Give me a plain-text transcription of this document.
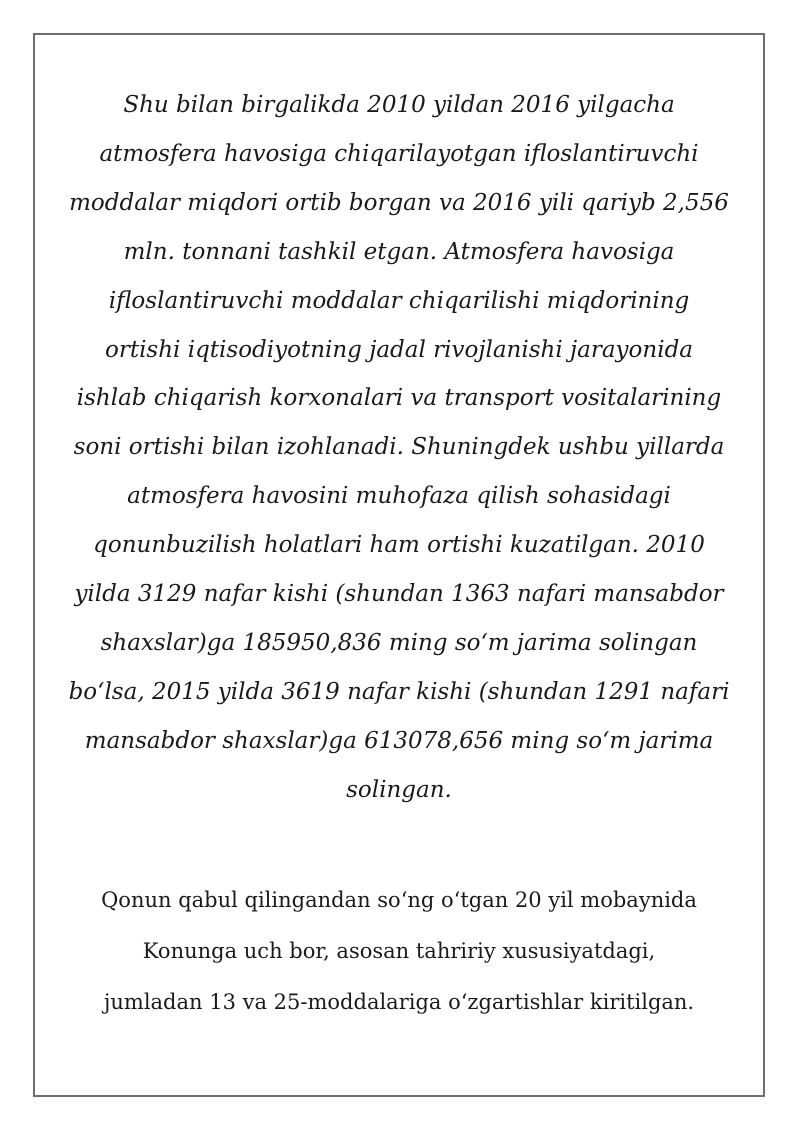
Shu bilan birgalikda 2010 yildan 2016 yilgacha
atmosfera havosiga chiqarilayotgan ifloslantiruvchi
moddalar miqdori ortib borgan va 2016 yili qariyb 2,556
mln. tonnani tashkil etgan. Atmosfera havosiga
ifloslantiruvchi moddalar chiqarilishi miqdorining
ortishi iqtisodiyotning jadal rivojlanishi jarayonida
ishlab chiqarish korxonalari va transport vositalarining
soni ortishi bilan izohlanadi. Shuningdek ushbu yillarda
atmosfera havosini muhofaza qilish sohasidagi
qonunbuzilish holatlari ham ortishi kuzatilgan. 2010
yilda 3129 nafar kishi (shundan 1363 nafari mansabdor
shaxslar)ga 185950,836 ming so‘m jarima solingan
bo‘lsa, 2015 yilda 3619 nafar kishi (shundan 1291 nafari
mansabdor shaxslar)ga 613078,656 ming so‘m jarima
solingan.

Qonun qabul qilingandan so‘ng o‘tgan 20 yil mobaynida
Konunga uch bor, asosan tahririy xususiyatdagi,
jumladan 13 va 25-moddalariga o‘zgartishlar kiritilgan.
